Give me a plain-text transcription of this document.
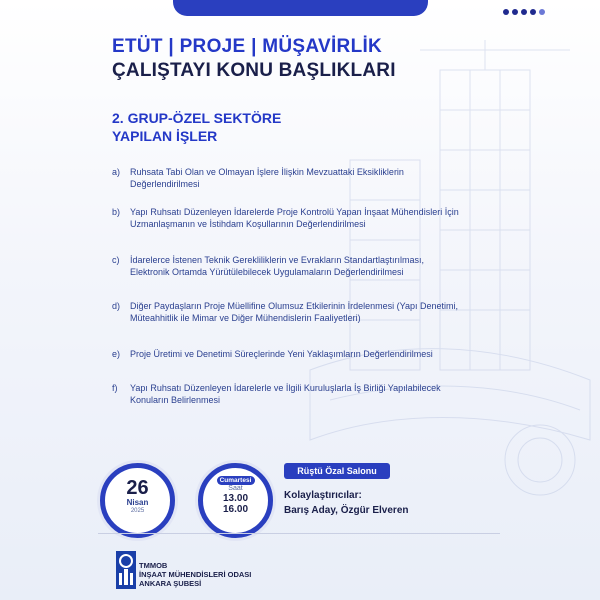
ETÜT | PROJE | MÜŞAVİRLİK
ÇALIŞTAYI KONU BAŞLIKLARI
2. GRUP-ÖZEL SEKTÖRE
YAPILAN İŞLER
a)	Ruhsata Tabi Olan ve Olmayan İşlere İlişkin Mevzuattaki Eksikliklerin Değerlendirilmesi
b)	Yapı Ruhsatı Düzenleyen İdarelerde Proje Kontrolü Yapan İnşaat Mühendisleri İçin Uzmanlaşmanın ve İstihdam Koşullarının Değerlendirilmesi
c)	İdarelerce İstenen Teknik Gerekliliklerin ve Evrakların Standartlaştırılması, Elektronik Ortamda Yürütülebilecek Uygulamaların Değerlendirilmesi
d)	Diğer Paydaşların Proje Müellifine Olumsuz Etkilerinin İrdelenmesi (Yapı Denetimi, Müteahhitlik ile Mimar ve Diğer Mühendislerin Faaliyetleri)
e)	Proje Üretimi ve Denetimi Süreçlerinde Yeni Yaklaşımların Değerlendirilmesi
f)	Yapı Ruhsatı Düzenleyen İdarelerle ve İlgili Kuruluşlarla İş Birliği Yapılabilecek Konuların Belirlenmesi
26
Nisan
2025
Cumartesi
Saat
13.00
16.00
Rüştü Özal Salonu
Kolaylaştırıcılar:
Barış Aday, Özgür Elveren
TMMOB
İNŞAAT MÜHENDİSLERİ ODASI
ANKARA ŞUBESİ
